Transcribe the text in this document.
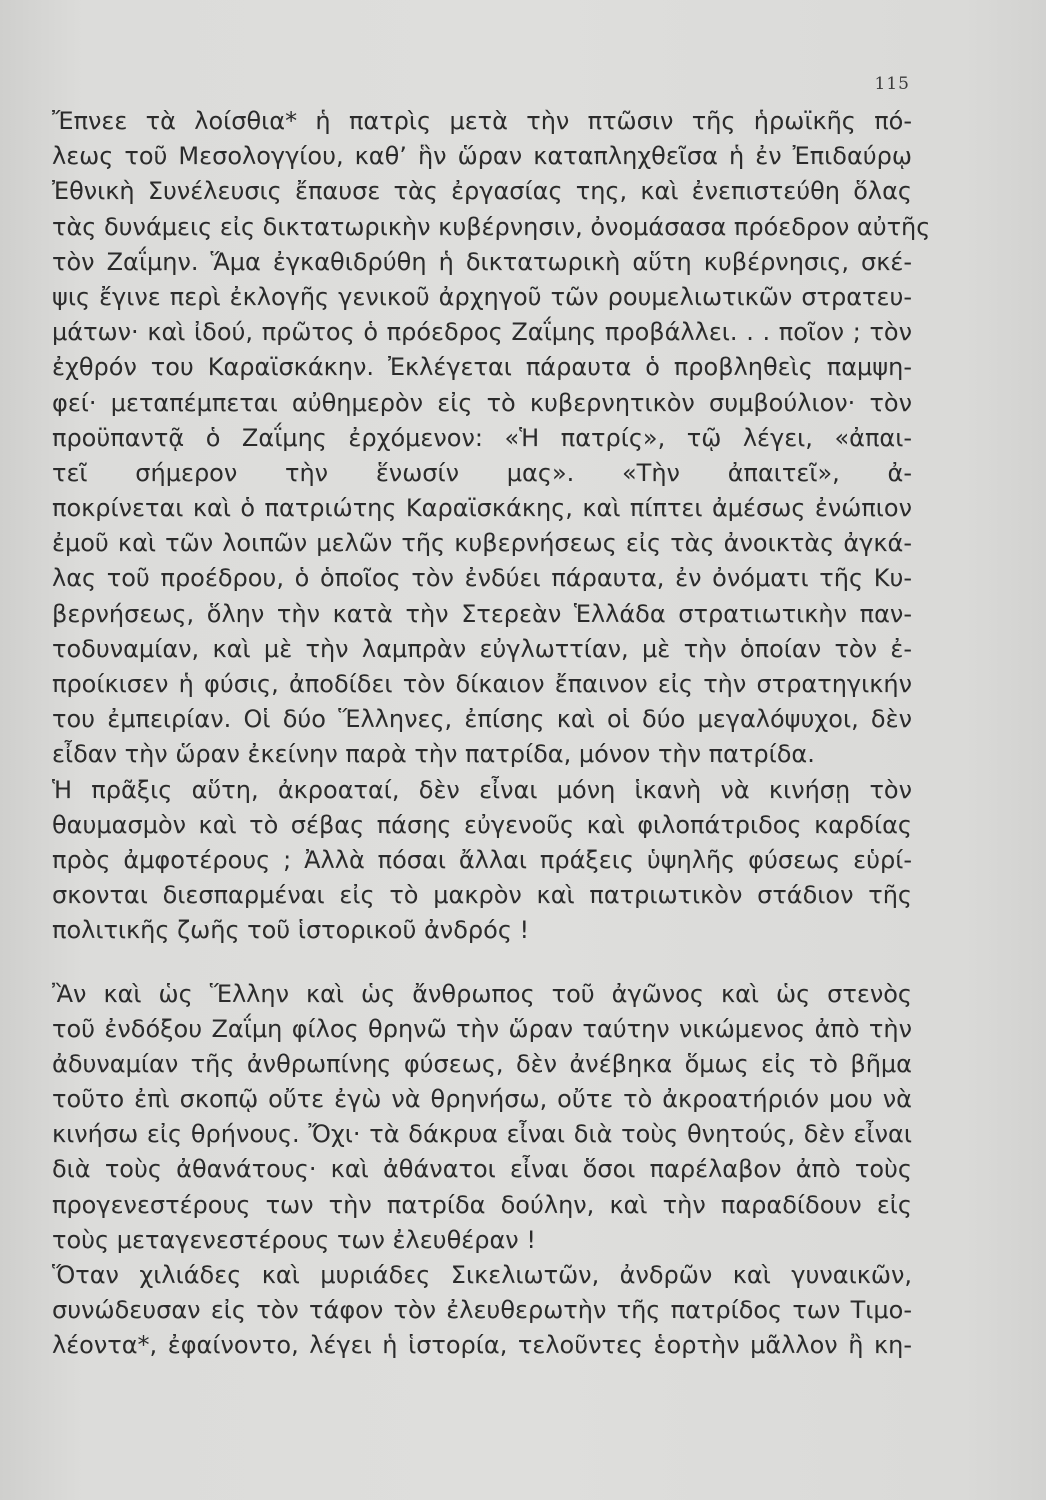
115
Ἔπνεε τὰ λοίσθια* ἡ πατρὶς μετὰ τὴν πτῶσιν τῆς ἡρωϊκῆς πό-
λεως τοῦ Μεσολογγίου, καθ’ ἣν ὥραν καταπληχθεῖσα ἡ ἐν Ἐπιδαύρῳ
Ἐθνικὴ Συνέλευσις ἔπαυσε τὰς ἐργασίας της, καὶ ἐνεπιστεύθη ὅλας
τὰς δυνάμεις εἰς δικτατωρικὴν κυβέρνησιν, ὀνομάσασα πρόεδρον αὐτῆς
τὸν Ζαΐμην. Ἅμα ἐγκαθιδρύθη ἡ δικτατωρικὴ αὕτη κυβέρνησις, σκέ-
ψις ἔγινε περὶ ἐκλογῆς γενικοῦ ἀρχηγοῦ τῶν ρουμελιωτικῶν στρατευ-
μάτων· καὶ ἰδού, πρῶτος ὁ πρόεδρος Ζαΐμης προβάλλει. . . ποῖον ; τὸν
ἐχθρόν του Καραϊσκάκην. Ἐκλέγεται πάραυτα ὁ προβληθεὶς παμψη-
φεί· μεταπέμπεται αὐθημερὸν εἰς τὸ κυβερνητικὸν συμβούλιον· τὸν
προϋπαντᾷ ὁ Ζαΐμης ἐρχόμενον: «Ἡ πατρίς», τῷ λέγει, «ἀπαι-
τεῖ σήμερον τὴν ἕνωσίν μας». «Τὴν ἀπαιτεῖ», ἀ-
ποκρίνεται καὶ ὁ πατριώτης Καραϊσκάκης, καὶ πίπτει ἀμέσως ἐνώπιον
ἐμοῦ καὶ τῶν λοιπῶν μελῶν τῆς κυβερνήσεως εἰς τὰς ἀνοικτὰς ἀγκά-
λας τοῦ προέδρου, ὁ ὁποῖος τὸν ἐνδύει πάραυτα, ἐν ὀνόματι τῆς Κυ-
βερνήσεως, ὅλην τὴν κατὰ τὴν Στερεὰν Ἑλλάδα στρατιωτικὴν παν-
τοδυναμίαν, καὶ μὲ τὴν λαμπρὰν εὐγλωττίαν, μὲ τὴν ὁποίαν τὸν ἐ-
προίκισεν ἡ φύσις, ἀποδίδει τὸν δίκαιον ἔπαινον εἰς τὴν στρατηγικήν
του ἐμπειρίαν. Οἱ δύο Ἕλληνες, ἐπίσης καὶ οἱ δύο μεγαλόψυχοι, δὲν
εἶδαν τὴν ὥραν ἐκείνην παρὰ τὴν πατρίδα, μόνον τὴν πατρίδα.
Ἡ πρᾶξις αὕτη, ἀκροαταί, δὲν εἶναι μόνη ἱκανὴ νὰ κινήσῃ τὸν
θαυμασμὸν καὶ τὸ σέβας πάσης εὐγενοῦς καὶ φιλοπάτριδος καρδίας
πρὸς ἀμφοτέρους ; Ἀλλὰ πόσαι ἄλλαι πράξεις ὑψηλῆς φύσεως εὑρί-
σκονται διεσπαρμέναι εἰς τὸ μακρὸν καὶ πατριωτικὸν στάδιον τῆς
πολιτικῆς ζωῆς τοῦ ἱστορικοῦ ἀνδρός !
Ἂν καὶ ὡς Ἕλλην καὶ ὡς ἄνθρωπος τοῦ ἀγῶνος καὶ ὡς στενὸς
τοῦ ἐνδόξου Ζαΐμη φίλος θρηνῶ τὴν ὥραν ταύτην νικώμενος ἀπὸ τὴν
ἀδυναμίαν τῆς ἀνθρωπίνης φύσεως, δὲν ἀνέβηκα ὅμως εἰς τὸ βῆμα
τοῦτο ἐπὶ σκοπῷ οὔτε ἐγὼ νὰ θρηνήσω, οὔτε τὸ ἀκροατήριόν μου νὰ
κινήσω εἰς θρήνους. Ὄχι· τὰ δάκρυα εἶναι διὰ τοὺς θνητούς, δὲν εἶναι
διὰ τοὺς ἀθανάτους· καὶ ἀθάνατοι εἶναι ὅσοι παρέλαβον ἀπὸ τοὺς
προγενεστέρους των τὴν πατρίδα δούλην, καὶ τὴν παραδίδουν εἰς
τοὺς μεταγενεστέρους των ἐλευθέραν !
Ὅταν χιλιάδες καὶ μυριάδες Σικελιωτῶν, ἀνδρῶν καὶ γυναικῶν,
συνώδευσαν εἰς τὸν τάφον τὸν ἐλευθερωτὴν τῆς πατρίδος των Τιμο-
λέοντα*, ἐφαίνοντο, λέγει ἡ ἱστορία, τελοῦντες ἑορτὴν μᾶλλον ἢ κη-
